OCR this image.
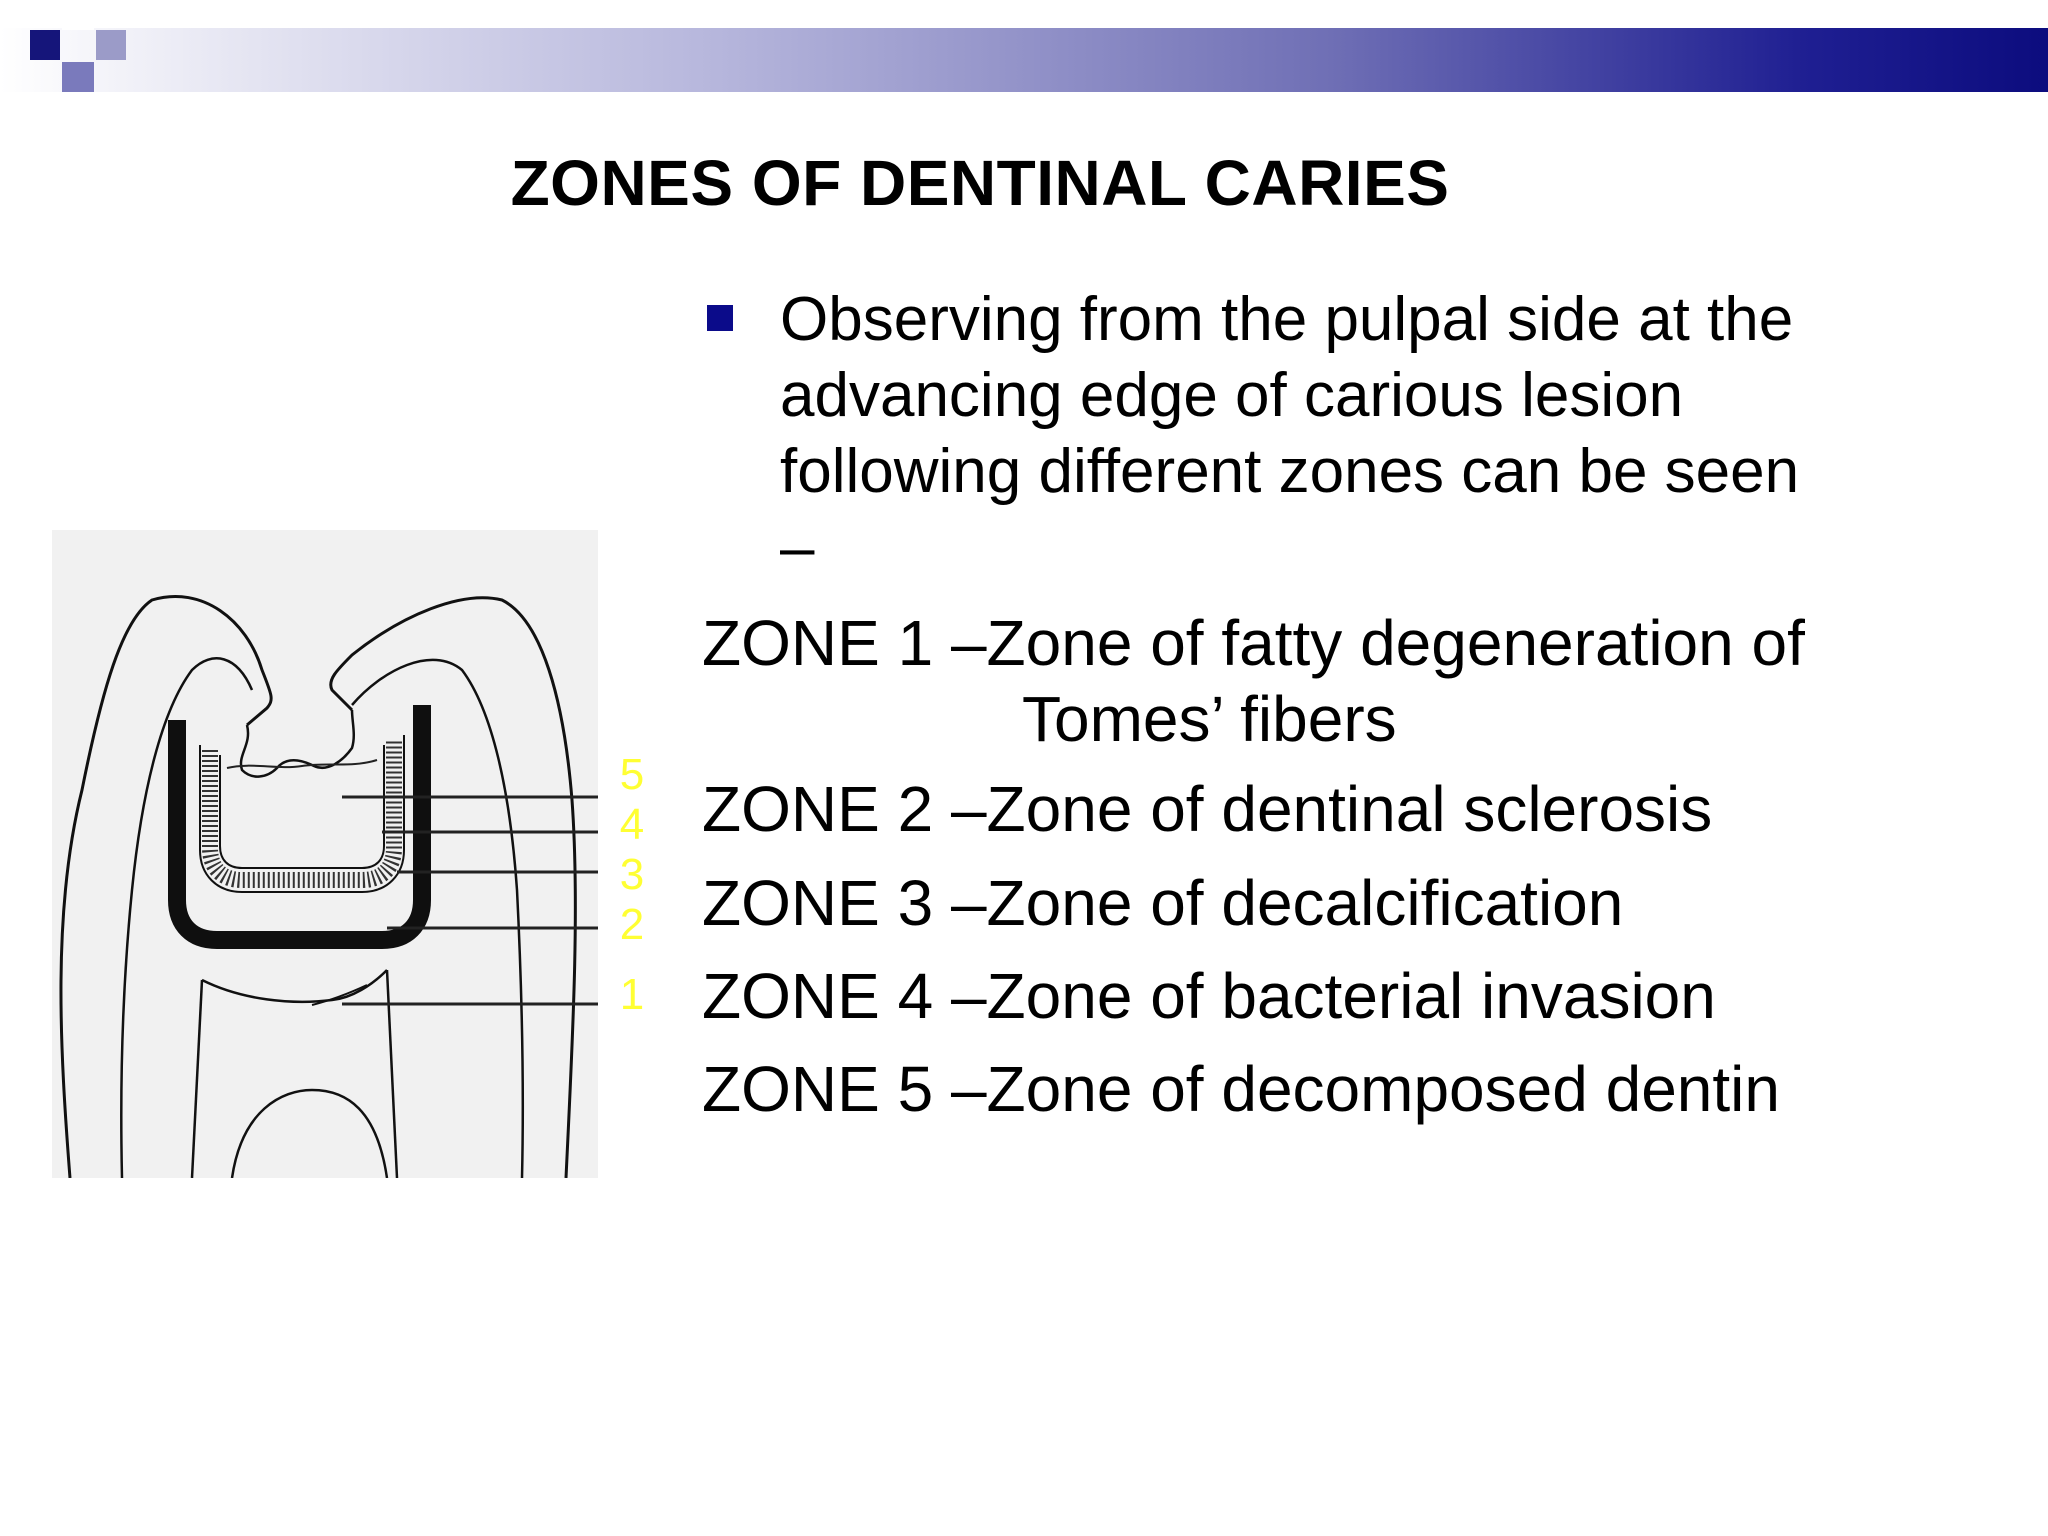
ZONES OF DENTINAL CARIES
Observing from the pulpal side at the
advancing edge of carious lesion
following different zones can be seen
–
ZONE 1 –Zone of fatty degeneration of
Tomes’ fibers
ZONE 2 –Zone of dentinal sclerosis
ZONE 3 –Zone of decalcification
ZONE 4 –Zone of bacterial invasion
ZONE 5 –Zone of decomposed dentin
5
4
3
2
1
